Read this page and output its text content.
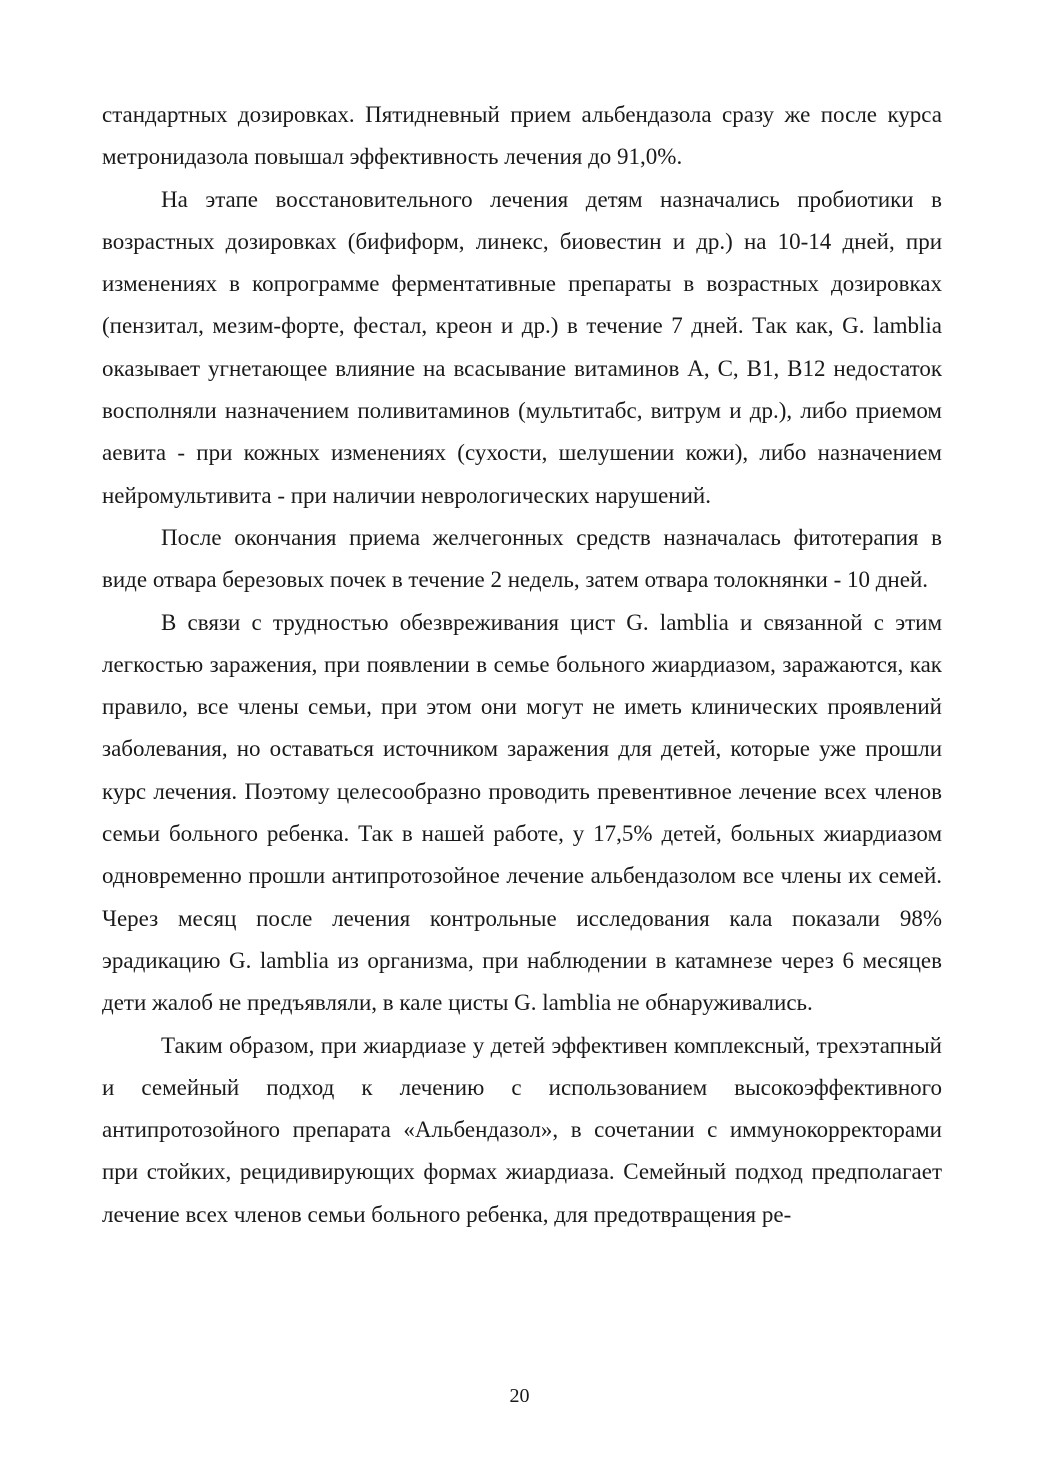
стандартных дозировках. Пятидневный прием альбендазола сразу же после курса метронидазола повышал эффективность лечения до 91,0%.

На этапе восстановительного лечения детям назначались пробиотики в возрастных дозировках (бифиформ, линекс, биовестин и др.) на 10-14 дней, при изменениях в копрограмме ферментативные препараты в возрастных дозировках (пензитал, мезим-форте, фестал, креон и др.) в течение 7 дней. Так как, G. lamblia оказывает угнетающее влияние на всасывание витаминов А, С, В1, В12 недостаток восполняли назначением поливитаминов (мультитабс, витрум и др.), либо приемом аевита - при кожных изменениях (сухости, шелушении кожи), либо назначением нейромультивита - при наличии неврологических нарушений.

После окончания приема желчегонных средств назначалась фитотерапия в виде отвара березовых почек в течение 2 недель, затем отвара толокнянки - 10 дней.

В связи с трудностью обезвреживания цист G. lamblia и связанной с этим легкостью заражения, при появлении в семье больного жиардиазом, заражаются, как правило, все члены семьи, при этом они могут не иметь клинических проявлений заболевания, но оставаться источником заражения для детей, которые уже прошли курс лечения. Поэтому целесообразно проводить превентивное лечение всех членов семьи больного ребенка. Так в нашей работе, у 17,5% детей, больных жиардиазом одновременно прошли антипротозойное лечение альбендазолом все члены их семей. Через месяц после лечения контрольные исследования кала показали 98% эрадикацию G. lamblia из организма, при наблюдении в катамнезе через 6 месяцев дети жалоб не предъявляли, в кале цисты G. lamblia не обнаруживались.

Таким образом, при жиардиазе у детей эффективен комплексный, трехэтапный и семейный подход к лечению с использованием высокоэффективного антипротозойного препарата «Альбендазол», в сочетании с иммунокорректорами при стойких, рецидивирующих формах жиардиаза. Семейный подход предполагает лечение всех членов семьи больного ребенка, для предотвращения ре-

20
